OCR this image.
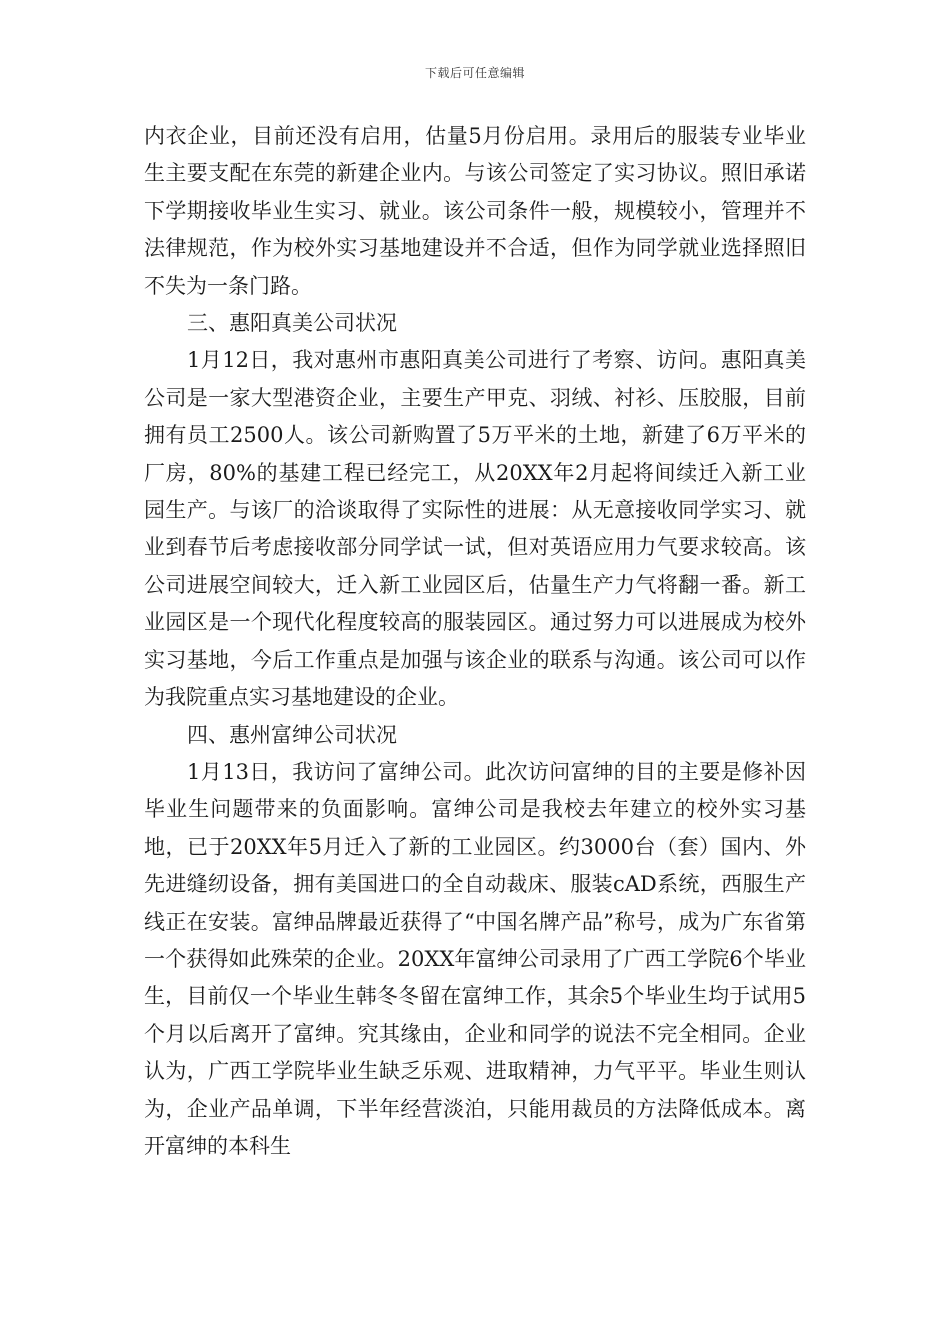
下载后可任意编辑

内衣企业，目前还没有启用，估量5月份启用。录用后的服装专业毕业生主要支配在东莞的新建企业内。与该公司签定了实习协议。照旧承诺下学期接收毕业生实习、就业。该公司条件一般，规模较小，管理并不法律规范，作为校外实习基地建设并不合适，但作为同学就业选择照旧不失为一条门路。

三、惠阳真美公司状况

1月12日，我对惠州市惠阳真美公司进行了考察、访问。惠阳真美公司是一家大型港资企业，主要生产甲克、羽绒、衬衫、压胶服，目前拥有员工2500人。该公司新购置了5万平米的土地，新建了6万平米的厂房，80%的基建工程已经完工，从20XX年2月起将间续迁入新工业园生产。与该厂的洽谈取得了实际性的进展：从无意接收同学实习、就业到春节后考虑接收部分同学试一试，但对英语应用力气要求较高。该公司进展空间较大，迁入新工业园区后，估量生产力气将翻一番。新工业园区是一个现代化程度较高的服装园区。通过努力可以进展成为校外实习基地，今后工作重点是加强与该企业的联系与沟通。该公司可以作为我院重点实习基地建设的企业。

四、惠州富绅公司状况

1月13日，我访问了富绅公司。此次访问富绅的目的主要是修补因毕业生问题带来的负面影响。富绅公司是我校去年建立的校外实习基地，已于20XX年5月迁入了新的工业园区。约3000台（套）国内、外先进缝纫设备，拥有美国进口的全自动裁床、服装cAD系统，西服生产线正在安装。富绅品牌最近获得了“中国名牌产品”称号，成为广东省第一个获得如此殊荣的企业。20XX年富绅公司录用了广西工学院6个毕业生，目前仅一个毕业生韩冬冬留在富绅工作，其余5个毕业生均于试用5个月以后离开了富绅。究其缘由，企业和同学的说法不完全相同。企业认为，广西工学院毕业生缺乏乐观、进取精神，力气平平。毕业生则认为，企业产品单调，下半年经营淡泊，只能用裁员的方法降低成本。离开富绅的本科生
